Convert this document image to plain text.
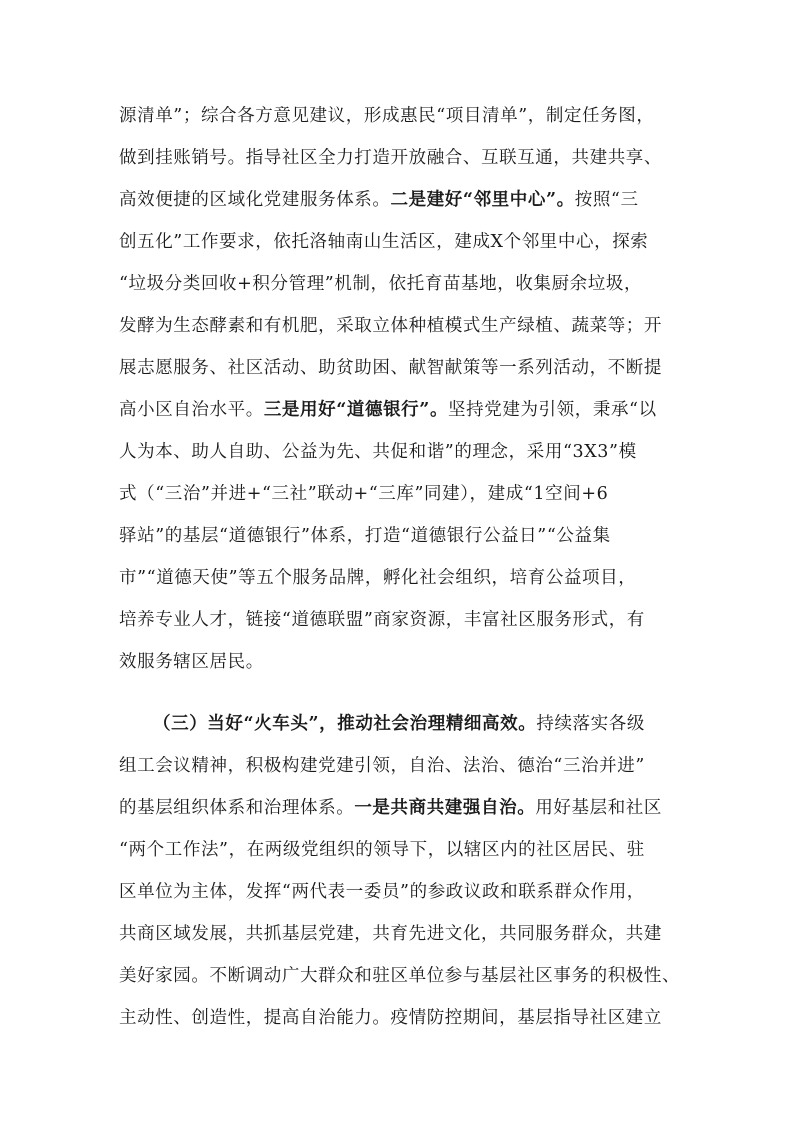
源清单”；综合各方意见建议，形成惠民“项目清单”，制定任务图，
做到挂账销号。指导社区全力打造开放融合、互联互通，共建共享、
高效便捷的区域化党建服务体系。二是建好“邻里中心”。按照“三
创五化”工作要求，依托洛轴南山生活区，建成X个邻里中心，探索
“垃圾分类回收+积分管理”机制，依托育苗基地，收集厨余垃圾，
发酵为生态酵素和有机肥，采取立体种植模式生产绿植、蔬菜等；开
展志愿服务、社区活动、助贫助困、献智献策等一系列活动，不断提
高小区自治水平。三是用好“道德银行”。坚持党建为引领，秉承“以
人为本、助人自助、公益为先、共促和谐”的理念，采用“3X3”模
式（“三治”并进+“三社”联动+“三库”同建），建成“1空间+6
驿站”的基层“道德银行”体系，打造“道德银行公益日”“公益集
市”“道德天使”等五个服务品牌，孵化社会组织，培育公益项目，
培养专业人才，链接“道德联盟”商家资源，丰富社区服务形式，有
效服务辖区居民。
（三）当好“火车头”，推动社会治理精细高效。持续落实各级
组工会议精神，积极构建党建引领，自治、法治、德治“三治并进”
的基层组织体系和治理体系。一是共商共建强自治。用好基层和社区
“两个工作法”，在两级党组织的领导下，以辖区内的社区居民、驻
区单位为主体，发挥“两代表一委员”的参政议政和联系群众作用，
共商区域发展，共抓基层党建，共育先进文化，共同服务群众，共建
美好家园。不断调动广大群众和驻区单位参与基层社区事务的积极性、
主动性、创造性，提高自治能力。疫情防控期间，基层指导社区建立
